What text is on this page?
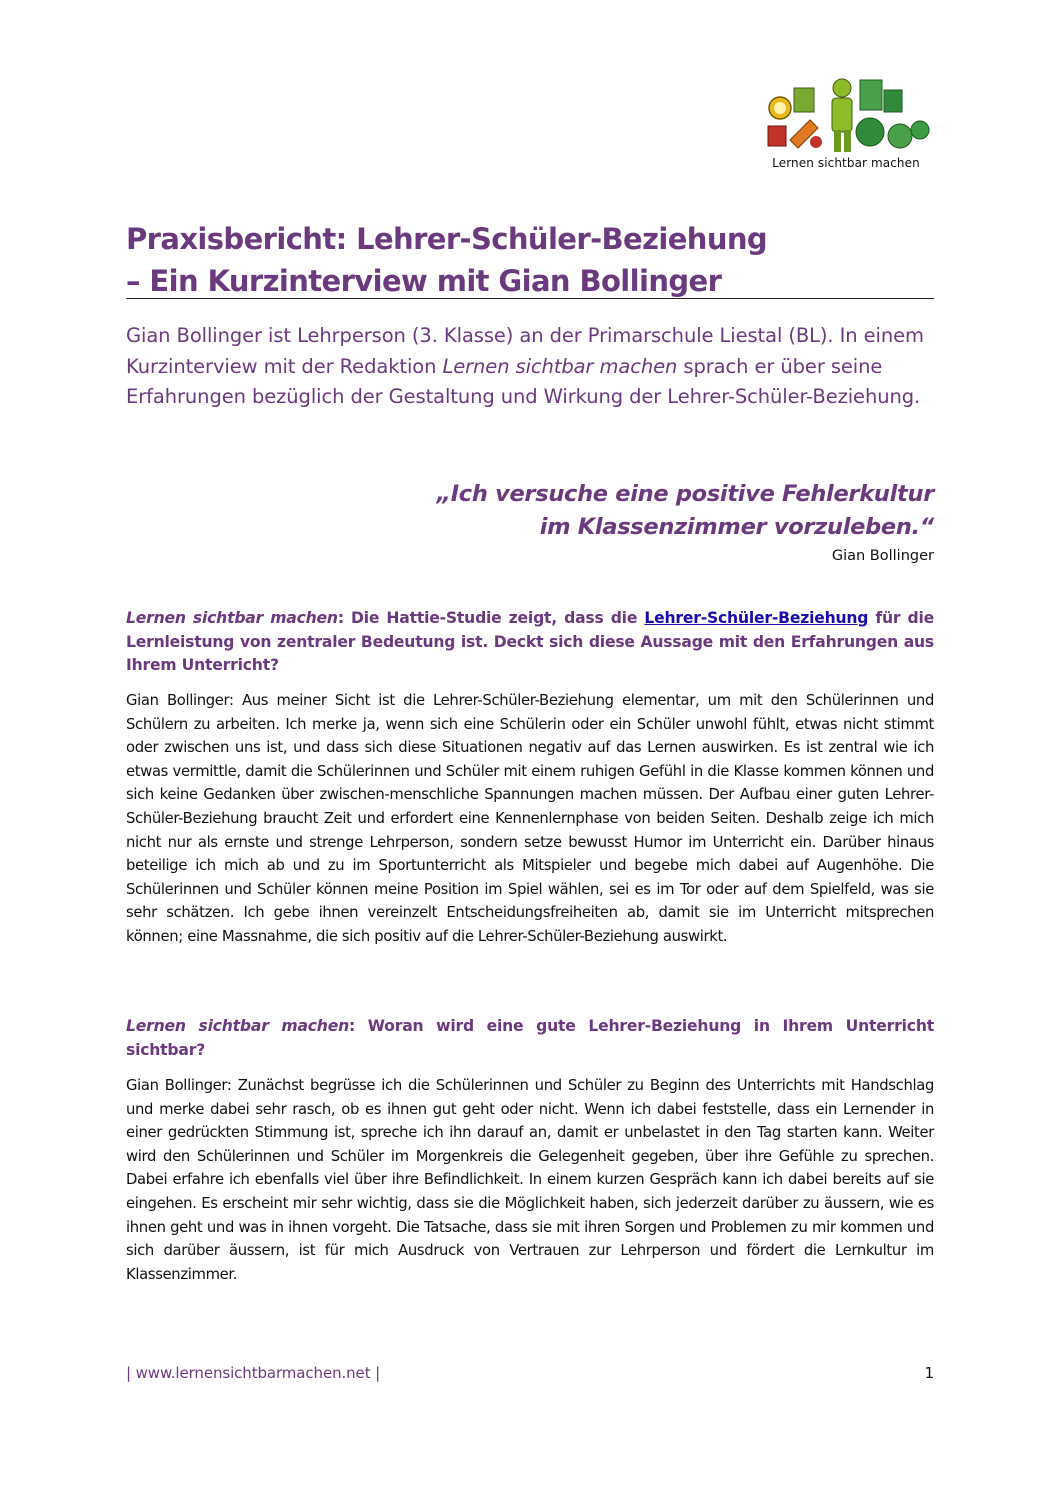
Lernen sichtbar machen
Praxisbericht: Lehrer-Schüler-Beziehung
– Ein Kurzinterview mit Gian Bollinger

Gian Bollinger ist Lehrperson (3. Klasse) an der Primarschule Liestal (BL). In einem Kurzinterview mit der Redaktion Lernen sichtbar machen sprach er über seine Erfahrungen bezüglich der Gestaltung und Wirkung der Lehrer-Schüler-Beziehung.

„Ich versuche eine positive Fehlerkultur
im Klassenzimmer vorzuleben.“

Gian Bollinger

Lernen sichtbar machen: Die Hattie-Studie zeigt, dass die Lehrer-Schüler-Beziehung für die Lernleistung von zentraler Bedeutung ist. Deckt sich diese Aussage mit den Erfahrungen aus Ihrem Unterricht?

Gian Bollinger: Aus meiner Sicht ist die Lehrer-Schüler-Beziehung elementar, um mit den Schülerinnen und Schülern zu arbeiten. Ich merke ja, wenn sich eine Schülerin oder ein Schüler unwohl fühlt, etwas nicht stimmt oder zwischen uns ist, und dass sich diese Situationen negativ auf das Lernen auswirken. Es ist zentral wie ich etwas vermittle, damit die Schülerinnen und Schüler mit einem ruhigen Gefühl in die Klasse kommen können und sich keine Gedanken über zwischen-menschliche Spannungen machen müssen. Der Aufbau einer guten Lehrer-Schüler-Beziehung braucht Zeit und erfordert eine Kennenlernphase von beiden Seiten. Deshalb zeige ich mich nicht nur als ernste und strenge Lehrperson, sondern setze bewusst Humor im Unterricht ein. Darüber hinaus beteilige ich mich ab und zu im Sportunterricht als Mitspieler und begebe mich dabei auf Augenhöhe. Die Schülerinnen und Schüler können meine Position im Spiel wählen, sei es im Tor oder auf dem Spielfeld, was sie sehr schätzen. Ich gebe ihnen vereinzelt Entscheidungsfreiheiten ab, damit sie im Unterricht mitsprechen können; eine Massnahme, die sich positiv auf die Lehrer-Schüler-Beziehung auswirkt.

Lernen sichtbar machen: Woran wird eine gute Lehrer-Beziehung in Ihrem Unterricht sichtbar?

Gian Bollinger: Zunächst begrüsse ich die Schülerinnen und Schüler zu Beginn des Unterrichts mit Handschlag und merke dabei sehr rasch, ob es ihnen gut geht oder nicht. Wenn ich dabei feststelle, dass ein Lernender in einer gedrückten Stimmung ist, spreche ich ihn darauf an, damit er unbelastet in den Tag starten kann. Weiter wird den Schülerinnen und Schüler im Morgenkreis die Gelegenheit gegeben, über ihre Gefühle zu sprechen. Dabei erfahre ich ebenfalls viel über ihre Befindlichkeit. In einem kurzen Gespräch kann ich dabei bereits auf sie eingehen. Es erscheint mir sehr wichtig, dass sie die Möglichkeit haben, sich jederzeit darüber zu äussern, wie es ihnen geht und was in ihnen vorgeht. Die Tatsache, dass sie mit ihren Sorgen und Problemen zu mir kommen und sich darüber äussern, ist für mich Ausdruck von Vertrauen zur Lehrperson und fördert die Lernkultur im Klassenzimmer.

| www.lernensichtbarmachen.net |	1
